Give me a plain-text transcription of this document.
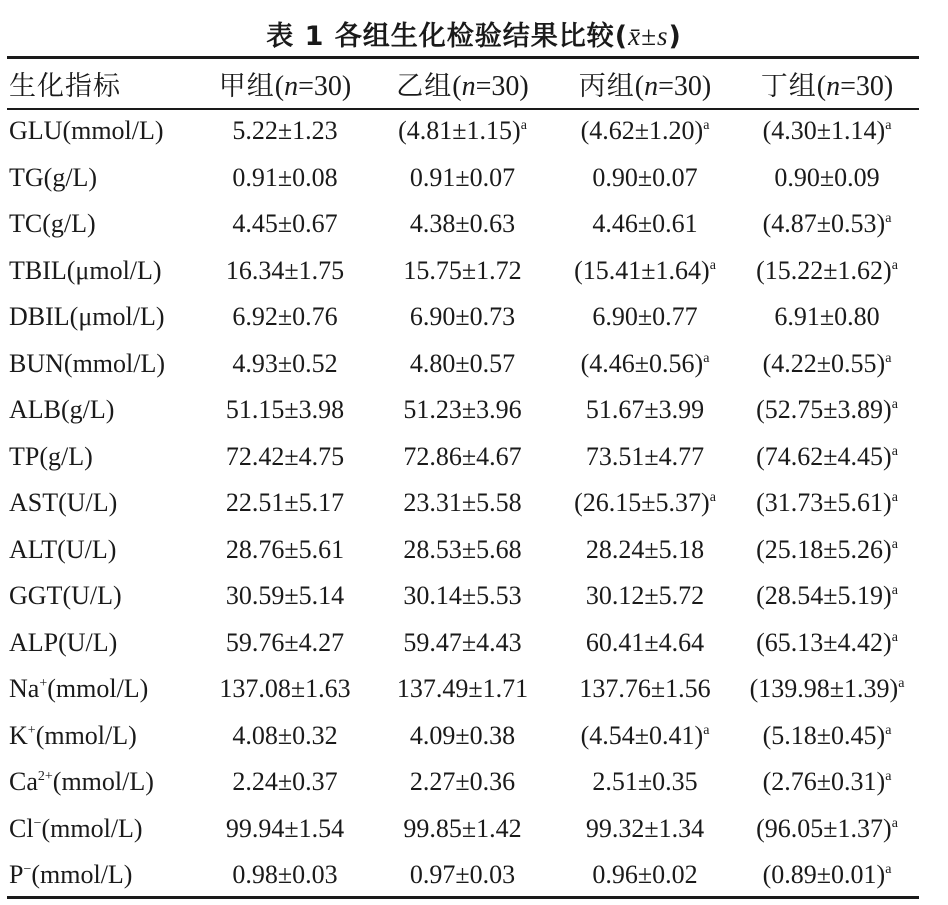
表 1 各组生化检验结果比较(x̄±s)
生化指标	甲组(n=30)	乙组(n=30)	丙组(n=30)	丁组(n=30)
GLU(mmol/L)	5.22±1.23	$(4.81\pm 1.15)^a$	$(4.62\pm 1.20)^a$	$(4.30\pm 1.14)^a$
TG(g/L)	0.91±0.08	0.91±0.07	0.90±0.07	0.90±0.09
TC(g/L)	4.45±0.67	4.38±0.63	4.46±0.61	$(4.87\pm 0.53)^a$
TBIL(μmol/L)	16.34±1.75	15.75±1.72	$(15.41\pm 1.64)^a$	$(15.22\pm 1.62)^a$
DBIL(μmol/L)	6.92±0.76	6.90±0.73	6.90±0.77	6.91±0.80
BUN(mmol/L)	4.93±0.52	4.80±0.57	$(4.46\pm 0.56)^a$	$(4.22\pm 0.55)^a$
ALB(g/L)	51.15±3.98	51.23±3.96	51.67±3.99	$(52.75\pm 3.89)^a$
TP(g/L)	72.42±4.75	72.86±4.67	73.51±4.77	$(74.62\pm 4.45)^a$
AST(U/L)	22.51±5.17	23.31±5.58	$(26.15\pm 5.37)^a$	$(31.73\pm 5.61)^a$
ALT(U/L)	28.76±5.61	28.53±5.68	28.24±5.18	$(25.18\pm 5.26)^a$
GGT(U/L)	30.59±5.14	30.14±5.53	30.12±5.72	$(28.54\pm 5.19)^a$
ALP(U/L)	59.76±4.27	59.47±4.43	60.41±4.64	$(65.13\pm 4.42)^a$
Na+(mmol/L)	137.08±1.63	137.49±1.71	137.76±1.56	$(139.98\pm 1.39)^a$
K+(mmol/L)	4.08±0.32	4.09±0.38	$(4.54\pm 0.41)^a$	$(5.18\pm 0.45)^a$
$Ca^{2+}(mmol/L)$	2.24±0.37	2.27±0.36	2.51±0.35	$(2.76\pm 0.31)^a$
Cl−(mmol/L)	99.94±1.54	99.85±1.42	99.32±1.34	$(96.05\pm 1.37)^a$
P−(mmol/L)	0.98±0.03	0.97±0.03	0.96±0.02	$(0.89\pm 0.01)^a$
